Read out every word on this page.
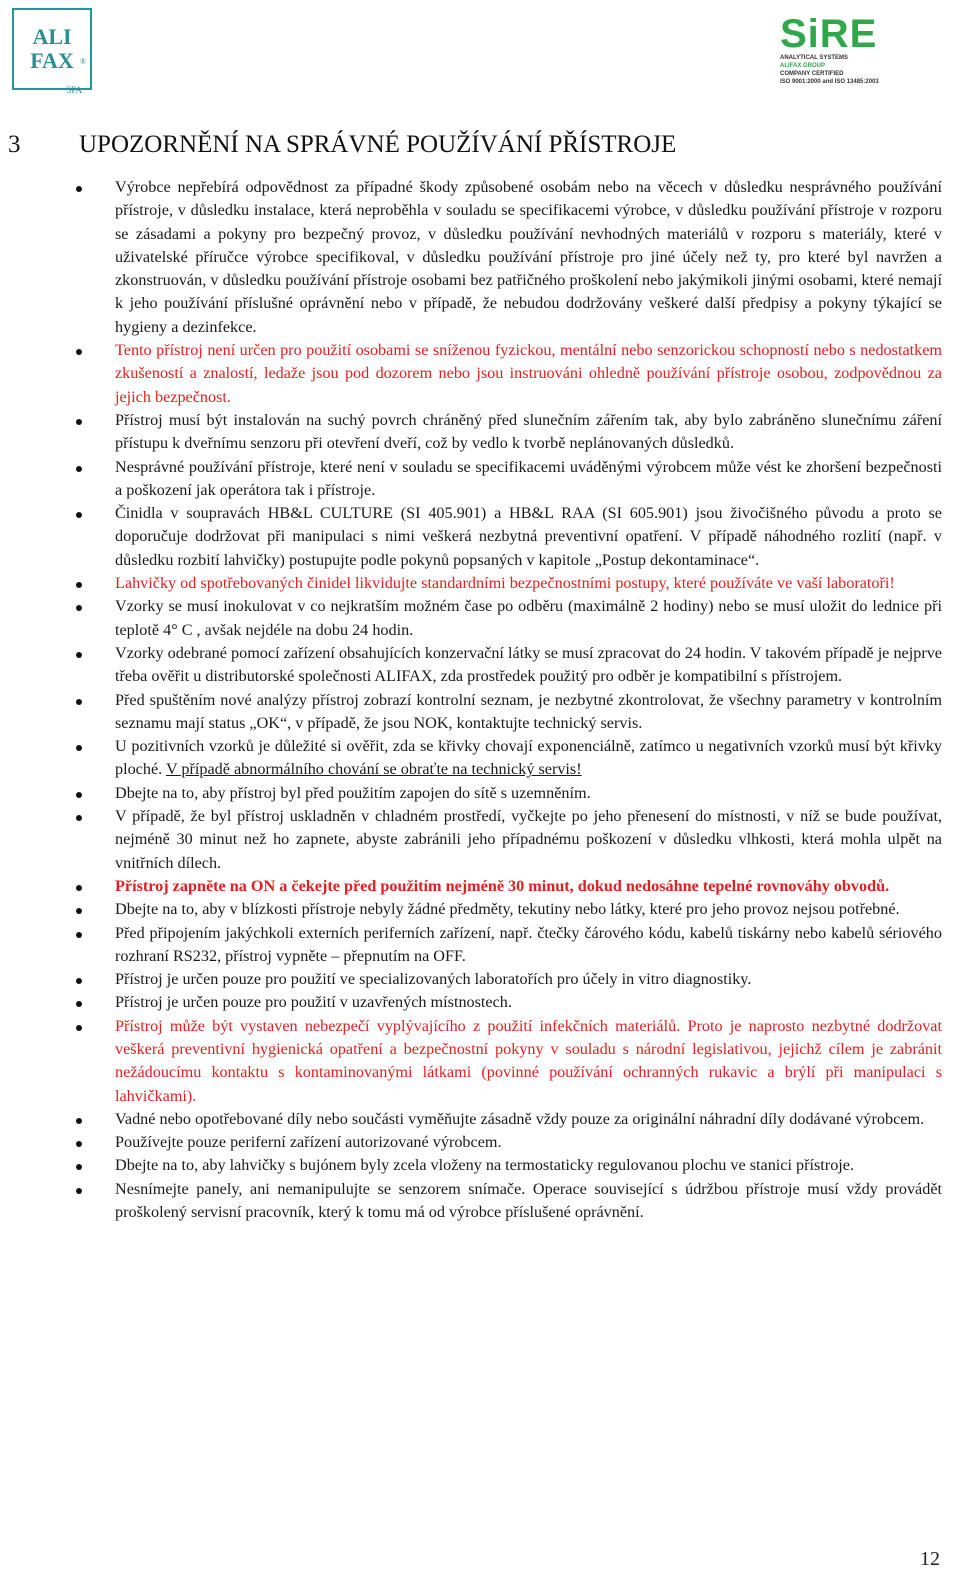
ALI
FAX ®
SPA
SiRE
ANALYTICAL SYSTEMS
ALIFAX GROUP
COMPANY CERTIFIED
ISO 9001:2000 and ISO 13485:2003
3 UPOZORNĚNÍ NA SPRÁVNÉ POUŽÍVÁNÍ PŘÍSTROJE
Výrobce nepřebírá odpovědnost za případné škody způsobené osobám nebo na věcech v důsledku nesprávného používání přístroje, v důsledku instalace, která neproběhla v souladu se specifikacemi výrobce, v důsledku používání přístroje v rozporu se zásadami a pokyny pro bezpečný provoz, v důsledku používání nevhodných materiálů v rozporu s materiály, které v uživatelské příručce výrobce specifikoval, v důsledku používání přístroje pro jiné účely než ty, pro které byl navržen a zkonstruován, v důsledku používání přístroje osobami bez patřičného proškolení nebo jakýmikoli jinými osobami, které nemají k jeho používání příslušné oprávnění nebo v případě, že nebudou dodržovány veškeré další předpisy a pokyny týkající se hygieny a dezinfekce.
Tento přístroj není určen pro použití osobami se sníženou fyzickou, mentální nebo senzorickou schopností nebo s nedostatkem zkušeností a znalostí, ledaže jsou pod dozorem nebo jsou instruováni ohledně používání přístroje osobou, zodpovědnou za jejich bezpečnost.
Přístroj musí být instalován na suchý povrch chráněný před slunečním zářením tak, aby bylo zabráněno slunečnímu záření přístupu k dveřnímu senzoru při otevření dveří, což by vedlo k tvorbě neplánovaných důsledků.
Nesprávné používání přístroje, které není v souladu se specifikacemi uváděnými výrobcem může vést ke zhoršení bezpečnosti a poškození jak operátora tak i přístroje.
Činidla v soupravách HB&L CULTURE (SI 405.901) a HB&L RAA (SI 605.901) jsou živočišného původu a proto se doporučuje dodržovat při manipulaci s nimi veškerá nezbytná preventivní opatření. V případě náhodného rozlití (např. v důsledku rozbití lahvičky) postupujte podle pokynů popsaných v kapitole „Postup dekontaminace“.
Lahvičky od spotřebovaných činidel likvidujte standardními bezpečnostními postupy, které používáte ve vaší laboratoři!
Vzorky se musí inokulovat v co nejkratším možném čase po odběru (maximálně 2 hodiny) nebo se musí uložit do lednice při teplotě 4° C , avšak nejdéle na dobu 24 hodin.
Vzorky odebrané pomocí zařízení obsahujících konzervační látky se musí zpracovat do 24 hodin. V takovém případě je nejprve třeba ověřit u distributorské společnosti ALIFAX, zda prostředek použitý pro odběr je kompatibilní s přístrojem.
Před spuštěním nové analýzy přístroj zobrazí kontrolní seznam, je nezbytné zkontrolovat, že všechny parametry v kontrolním seznamu mají status „OK“, v případě, že jsou NOK, kontaktujte technický servis.
U pozitivních vzorků je důležité si ověřit, zda se křivky chovají exponenciálně, zatímco u negativních vzorků musí být křivky ploché. V případě abnormálního chování se obraťte na technický servis!
Dbejte na to, aby přístroj byl před použitím zapojen do sítě s uzemněním.
V případě, že byl přístroj uskladněn v chladném prostředí, vyčkejte po jeho přenesení do místnosti, v níž se bude používat, nejméně 30 minut než ho zapnete, abyste zabránili jeho případnému poškození v důsledku vlhkosti, která mohla ulpět na vnitřních dílech.
Přístroj zapněte na ON a čekejte před použitím nejméně 30 minut, dokud nedosáhne tepelné rovnováhy obvodů.
Dbejte na to, aby v blízkosti přístroje nebyly žádné předměty, tekutiny nebo látky, které pro jeho provoz nejsou potřebné.
Před připojením jakýchkoli externích periferních zařízení, např. čtečky čárového kódu, kabelů tiskárny nebo kabelů sériového rozhraní RS232, přístroj vypněte – přepnutím na OFF.
Přístroj je určen pouze pro použití ve specializovaných laboratořích pro účely in vitro diagnostiky.
Přístroj je určen pouze pro použití v uzavřených místnostech.
Přístroj může být vystaven nebezpečí vyplývajícího z použití infekčních materiálů. Proto je naprosto nezbytné dodržovat veškerá preventivní hygienická opatření a bezpečnostní pokyny v souladu s národní legislativou, jejichž cílem je zabránit nežádoucímu kontaktu s kontaminovanými látkami (povinné používání ochranných rukavic a brýlí při manipulaci s lahvičkami).
Vadné nebo opotřebované díly nebo součásti vyměňujte zásadně vždy pouze za originální náhradní díly dodávané výrobcem.
Používejte pouze periferní zařízení autorizované výrobcem.
Dbejte na to, aby lahvičky s bujónem byly zcela vloženy na termostaticky regulovanou plochu ve stanici přístroje.
Nesnímejte panely, ani nemanipulujte se senzorem snímače. Operace související s údržbou přístroje musí vždy provádět proškolený servisní pracovník, který k tomu má od výrobce příslušené oprávnění.
12
